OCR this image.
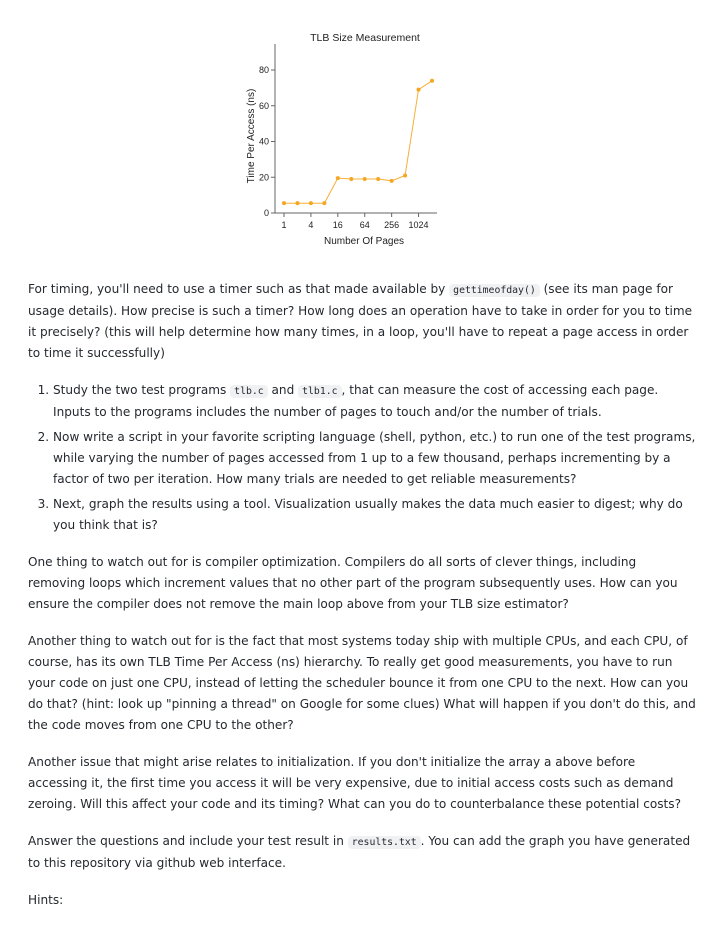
TLB Size Measurement
Time Per Access (ns)
Number Of Pages
0
20
40
60
80
1 4 16 64 256 1024

For timing, you'll need to use a timer such as that made available by gettimeofday() (see its man page for usage details). How precise is such a timer? How long does an operation have to take in order for you to time it precisely? (this will help determine how many times, in a loop, you'll have to repeat a page access in order to time it successfully)

1. Study the two test programs tlb.c and tlb1.c , that can measure the cost of accessing each page. Inputs to the programs includes the number of pages to touch and/or the number of trials.
2. Now write a script in your favorite scripting language (shell, python, etc.) to run one of the test programs, while varying the number of pages accessed from 1 up to a few thousand, perhaps incrementing by a factor of two per iteration. How many trials are needed to get reliable measurements?
3. Next, graph the results using a tool. Visualization usually makes the data much easier to digest; why do you think that is?

One thing to watch out for is compiler optimization. Compilers do all sorts of clever things, including removing loops which increment values that no other part of the program subsequently uses. How can you ensure the compiler does not remove the main loop above from your TLB size estimator?

Another thing to watch out for is the fact that most systems today ship with multiple CPUs, and each CPU, of course, has its own TLB Time Per Access (ns) hierarchy. To really get good measurements, you have to run your code on just one CPU, instead of letting the scheduler bounce it from one CPU to the next. How can you do that? (hint: look up "pinning a thread" on Google for some clues) What will happen if you don't do this, and the code moves from one CPU to the other?

Another issue that might arise relates to initialization. If you don't initialize the array a above before accessing it, the first time you access it will be very expensive, due to initial access costs such as demand zeroing. Will this affect your code and its timing? What can you do to counterbalance these potential costs?

Answer the questions and include your test result in results.txt . You can add the graph you have generated to this repository via github web interface.

Hints:
